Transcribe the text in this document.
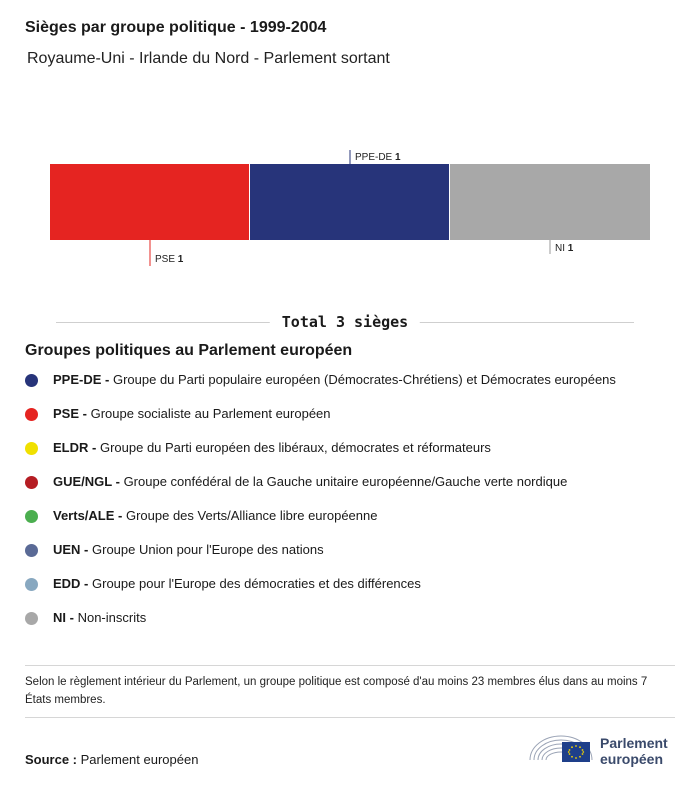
Sièges par groupe politique - 1999-2004

Royaume-Uni - Irlande du Nord - Parlement sortant

PSE 1
PPE-DE 1
NI 1
Total 3 sièges
Groupes politiques au Parlement européen
PPE-DE - Groupe du Parti populaire européen (Démocrates-Chrétiens) et Démocrates européens
PSE - Groupe socialiste au Parlement européen
ELDR - Groupe du Parti européen des libéraux, démocrates et réformateurs
GUE/NGL - Groupe confédéral de la Gauche unitaire européenne/Gauche verte nordique
Verts/ALE - Groupe des Verts/Alliance libre européenne
UEN - Groupe Union pour l'Europe des nations
EDD - Groupe pour l'Europe des démocraties et des différences
NI - Non-inscrits

Selon le règlement intérieur du Parlement, un groupe politique est composé d'au moins 23 membres élus dans au moins 7 États membres.

Source : Parlement européen
Parlement
européen
